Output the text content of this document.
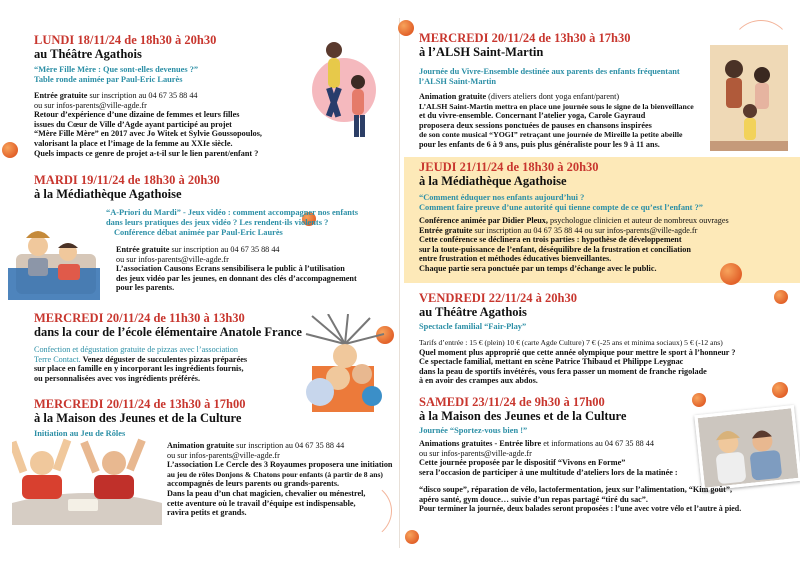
LUNDI 18/11/24 de 18h30 à 20h30
au Théâtre Agathois
“Mère Fille Mère : Que sont-elles devenues ?”
Table ronde animée par Paul-Eric Laurès
Entrée gratuite sur inscription au 04 67 35 88 44
ou sur infos-parents@ville-agde.fr
Retour d’expérience d’une dizaine de femmes et leurs filles
issues du Cœur de Ville d’Agde ayant participé au projet
“Mère Fille Mère” en 2017 avec Jo Witek et Sylvie Goussopoulos,
valorisant la place et l’image de la femme au XXIe siècle.
Quels impacts ce genre de projet a-t-il sur le lien parent/enfant ?
MARDI 19/11/24 de 18h30 à 20h30
à la Médiathèque Agathoise
“A-Priori du Mardi” - Jeux vidéo : comment accompagner nos enfants
dans leurs pratiques des jeux vidéo ? Les rendent-ils violents ?
Conférence débat animée par Paul-Eric Laurès
Entrée gratuite sur inscription au 04 67 35 88 44
ou sur infos-parents@ville-agde.fr
L’association Causons Ecrans sensibilisera le public à l’utilisation
des jeux vidéo par les jeunes, en donnant des clés d’accompagnement
pour les parents.
MERCREDI 20/11/24 de 11h30 à 13h30
dans la cour de l’école élémentaire Anatole France
Confection et dégustation gratuite de pizzas avec l’association
Terre Contact. Venez déguster de succulentes pizzas préparées
sur place en famille en y incorporant les ingrédients fournis,
ou personnalisées avec vos ingrédients préférés.
MERCREDI 20/11/24 de 13h30 à 17h00
à la Maison des Jeunes et de la Culture
Initiation au Jeu de Rôles
Animation gratuite sur inscription au 04 67 35 88 44
ou sur infos-parents@ville-agde.fr
L’association Le Cercle des 3 Royaumes proposera une initiation
au jeu de rôles Donjons & Chatons pour enfants (à partir de 8 ans)
accompagnés de leurs parents ou grands-parents.
Dans la peau d’un chat magicien, chevalier ou ménestrel,
cette aventure où le travail d’équipe est indispensable,
ravira petits et grands.
MERCREDI 20/11/24 de 13h30 à 17h30
à l’ALSH Saint-Martin
Journée du Vivre-Ensemble destinée aux parents des enfants fréquentant
l’ALSH Saint-Martin
Animation gratuite (divers ateliers dont yoga enfant/parent)
L’ALSH Saint-Martin mettra en place une journée sous le signe de la bienveillance
et du vivre-ensemble. Concernant l’atelier yoga, Carole Gayraud
proposera deux sessions ponctuées de pauses en chansons inspirées
de son conte musical “YOGI” retraçant une journée de Mireille la petite abeille
pour les enfants de 6 à 9 ans, puis plus généraliste pour les 9 à 11 ans.
JEUDI 21/11/24 de 18h30 à 20h30
à la Médiathèque Agathoise
“Comment éduquer nos enfants aujourd’hui ?
Comment faire preuve d’une autorité qui tienne compte de ce qu’est l’enfant ?”
Conférence animée par Didier Pleux, psychologue clinicien et auteur de nombreux ouvrages
Entrée gratuite sur inscription au 04 67 35 88 44 ou sur infos-parents@ville-agde.fr
Cette conférence se déclinera en trois parties : hypothèse de développement
sur la toute-puissance de l’enfant, déséquilibre de la frustration et conciliation
entre frustration et méthodes éducatives bienveillantes.
Chaque partie sera ponctuée par un temps d’échange avec le public.
VENDREDI 22/11/24 à 20h30
au Théâtre Agathois
Spectacle familial “Fair-Play”
Tarifs d’entrée : 15 € (plein) 10 € (carte Agde Culture) 7 € (-25 ans et minima sociaux) 5 € (-12 ans)
Quel moment plus approprié que cette année olympique pour mettre le sport à l’honneur ?
Ce spectacle familial, mettant en scène Patrice Thibaud et Philippe Leygnac
dans la peau de sportifs invétérés, vous fera passer un moment de franche rigolade
à en avoir des crampes aux abdos.
SAMEDI 23/11/24 de 9h30 à 17h00
à la Maison des Jeunes et de la Culture
Journée “Sportez-vous bien !”
Animations gratuites - Entrée libre et informations au 04 67 35 88 44
ou sur infos-parents@ville-agde.fr
Cette journée proposée par le dispositif “Vivons en Forme”
sera l’occasion de participer à une multitude d’ateliers lors de la matinée :
“disco soupe”, réparation de vélo, lactofermentation, jeux sur l’alimentation, “Kim goût”,
apéro santé, gym douce… suivie d’un repas partagé “tiré du sac”.
Pour terminer la journée, deux balades seront proposées : l’une avec votre vélo et l’autre à pied.
